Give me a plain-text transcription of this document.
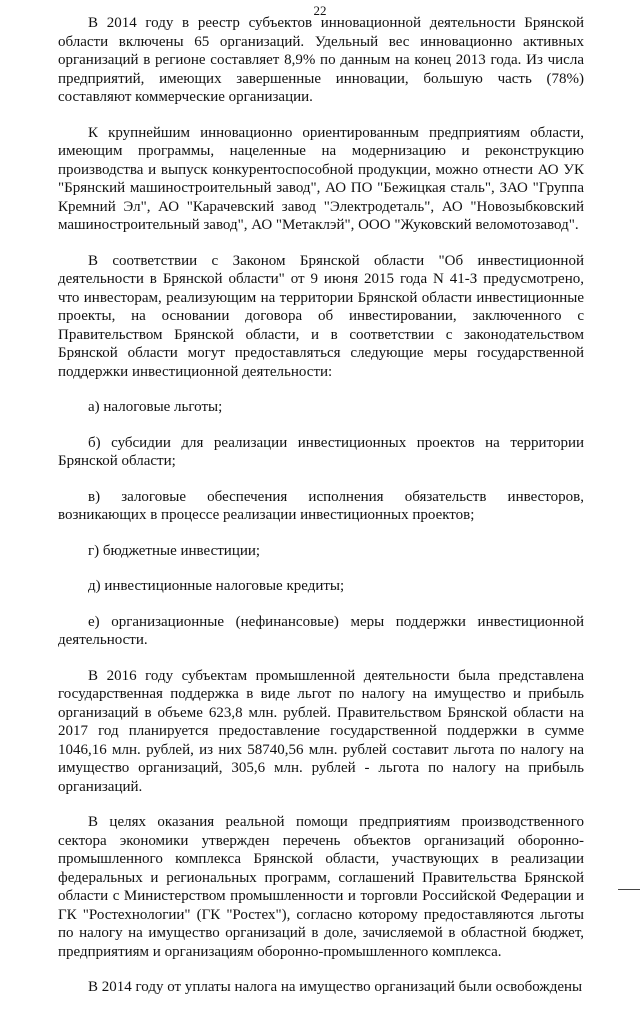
22

В 2014 году в реестр субъектов инновационной деятельности Брянской области включены 65 организаций. Удельный вес инновационно активных организаций в регионе составляет 8,9% по данным на конец 2013 года. Из числа предприятий, имеющих завершенные инновации, большую часть (78%) составляют коммерческие организации.

К крупнейшим инновационно ориентированным предприятиям области, имеющим программы, нацеленные на модернизацию и реконструкцию производства и выпуск конкурентоспособной продукции, можно отнести АО УК "Брянский машиностроительный завод", АО ПО "Бежицкая сталь", ЗАО "Группа Кремний Эл", АО "Карачевский завод "Электродеталь", АО "Новозыбковский машиностроительный завод", АО "Метаклэй", ООО "Жуковский веломотозавод".

В соответствии с Законом Брянской области "Об инвестиционной деятельности в Брянской области" от 9 июня 2015 года N 41-З предусмотрено, что инвесторам, реализующим на территории Брянской области инвестиционные проекты, на основании договора об инвестировании, заключенного с Правительством Брянской области, и в соответствии с законодательством Брянской области могут предоставляться следующие меры государственной поддержки инвестиционной деятельности:

а) налоговые льготы;

б) субсидии для реализации инвестиционных проектов на территории Брянской области;

в) залоговые обеспечения исполнения обязательств инвесторов, возникающих в процессе реализации инвестиционных проектов;

г) бюджетные инвестиции;

д) инвестиционные налоговые кредиты;

е) организационные (нефинансовые) меры поддержки инвестиционной деятельности.

В 2016 году субъектам промышленной деятельности была представлена государственная поддержка в виде льгот по налогу на имущество и прибыль организаций в объеме 623,8 млн. рублей. Правительством Брянской области на 2017 год планируется предоставление государственной поддержки в сумме 1046,16 млн. рублей, из них 58740,56 млн. рублей составит льгота по налогу на имущество организаций, 305,6 млн. рублей - льгота по налогу на прибыль организаций.

В целях оказания реальной помощи предприятиям производственного сектора экономики утвержден перечень объектов организаций оборонно-промышленного комплекса Брянской области, участвующих в реализации федеральных и региональных программ, соглашений Правительства Брянской области с Министерством промышленности и торговли Российской Федерации и ГК "Ростехнологии" (ГК "Ростех"), согласно которому предоставляются льготы по налогу на имущество организаций в доле, зачисляемой в областной бюджет, предприятиям и организациям оборонно-промышленного комплекса.

В 2014 году от уплаты налога на имущество организаций были освобождены
